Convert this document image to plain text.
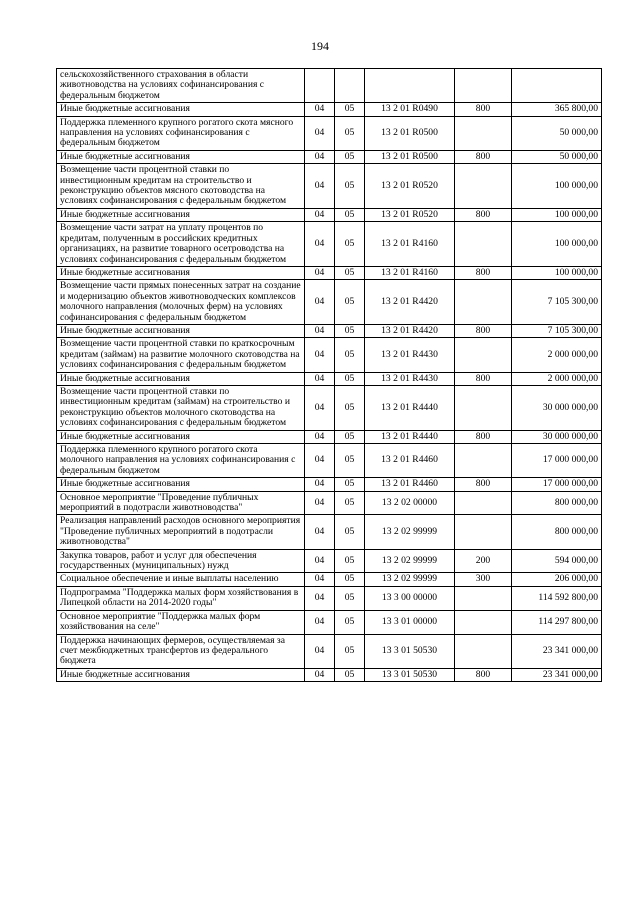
194
сельскохозяйственного страхования в области животноводства на условиях софинансирования с федеральным бюджетом					
Иные бюджетные ассигнования	04	05	13 2 01 R0490	800	365 800,00
Поддержка племенного крупного рогатого скота мясного направления на условиях софинансирования с федеральным бюджетом	04	05	13 2 01 R0500		50 000,00
Иные бюджетные ассигнования	04	05	13 2 01 R0500	800	50 000,00
Возмещение части процентной ставки по инвестиционным кредитам на строительство и реконструкцию объектов мясного скотоводства на условиях софинансирования с федеральным бюджетом	04	05	13 2 01 R0520		100 000,00
Иные бюджетные ассигнования	04	05	13 2 01 R0520	800	100 000,00
Возмещение части затрат на уплату процентов по кредитам, полученным в российских кредитных организациях, на развитие товарного осетроводства на условиях софинансирования с федеральным бюджетом	04	05	13 2 01 R4160		100 000,00
Иные бюджетные ассигнования	04	05	13 2 01 R4160	800	100 000,00
Возмещение части прямых понесенных затрат на создание и модернизацию объектов животноводческих комплексов молочного направления (молочных ферм) на условиях софинансирования с федеральным бюджетом	04	05	13 2 01 R4420		7 105 300,00
Иные бюджетные ассигнования	04	05	13 2 01 R4420	800	7 105 300,00
Возмещение части процентной ставки по краткосрочным кредитам (займам) на развитие молочного скотоводства на условиях софинансирования с федеральным бюджетом	04	05	13 2 01 R4430		2 000 000,00
Иные бюджетные ассигнования	04	05	13 2 01 R4430	800	2 000 000,00
Возмещение части процентной ставки по инвестиционным кредитам (займам) на строительство и реконструкцию объектов молочного скотоводства на условиях софинансирования с федеральным бюджетом	04	05	13 2 01 R4440		30 000 000,00
Иные бюджетные ассигнования	04	05	13 2 01 R4440	800	30 000 000,00
Поддержка племенного крупного рогатого скота молочного направления на условиях софинансирования с федеральным бюджетом	04	05	13 2 01 R4460		17 000 000,00
Иные бюджетные ассигнования	04	05	13 2 01 R4460	800	17 000 000,00
Основное мероприятие "Проведение публичных мероприятий в подотрасли животноводства"	04	05	13 2 02 00000		800 000,00
Реализация направлений расходов основного мероприятия "Проведение публичных мероприятий в подотрасли животноводства"	04	05	13 2 02 99999		800 000,00
Закупка товаров, работ и услуг для обеспечения государственных (муниципальных) нужд	04	05	13 2 02 99999	200	594 000,00
Социальное обеспечение и иные выплаты населению	04	05	13 2 02 99999	300	206 000,00
Подпрограмма "Поддержка малых форм хозяйствования в Липецкой области на 2014-2020 годы"	04	05	13 3 00 00000		114 592 800,00
Основное мероприятие "Поддержка малых форм хозяйствования на селе"	04	05	13 3 01 00000		114 297 800,00
Поддержка начинающих фермеров, осуществляемая за счет межбюджетных трансфертов из федерального бюджета	04	05	13 3 01 50530		23 341 000,00
Иные бюджетные ассигнования	04	05	13 3 01 50530	800	23 341 000,00
